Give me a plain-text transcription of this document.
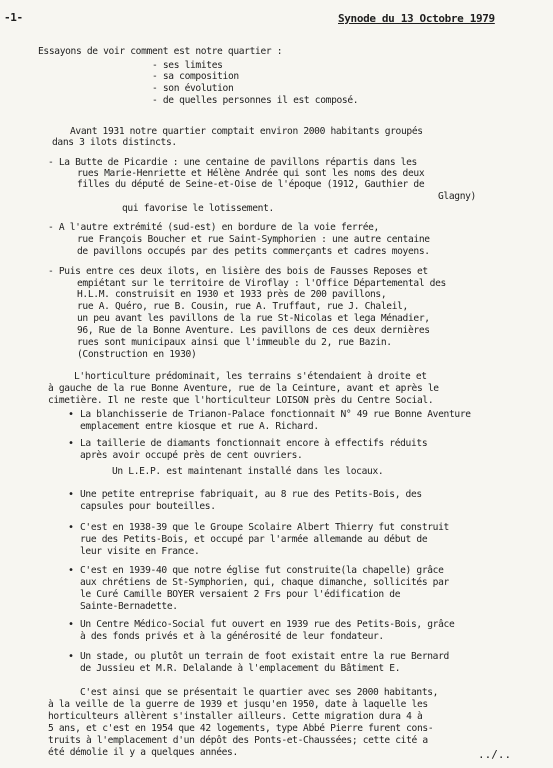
-1-	Synode du 13 Octobre 1979
Essayons de voir comment est notre quartier :
- ses limites
- sa composition
- son évolution
- de quelles personnes il est composé.
Avant 1931 notre quartier comptait environ 2000 habitants groupés
dans 3 ilots distincts.
- La Butte de Picardie : une centaine de pavillons répartis dans les
rues Marie-Henriette et Hélène Andrée qui sont les noms des deux
filles du député de Seine-et-Oise de l'époque (1912, Gauthier de
Glagny)
qui favorise le lotissement.
- A l'autre extrémité (sud-est) en bordure de la voie ferrée,
rue François Boucher et rue Saint-Symphorien : une autre centaine
de pavillons occupés par des petits commerçants et cadres moyens.
- Puis entre ces deux ilots, en lisière des bois de Fausses Reposes et
empiétant sur le territoire de Viroflay : l'Office Départemental des
H.L.M. construisit en 1930 et 1933 près de 200 pavillons,
rue A. Quéro, rue B. Cousin, rue A. Truffaut, rue J. Chaleil,
un peu avant les pavillons de la rue St-Nicolas et lega Ménadier,
96, Rue de la Bonne Aventure. Les pavillons de ces deux dernières
rues sont municipaux ainsi que l'immeuble du 2, rue Bazin.
(Construction en 1930)
L'horticulture prédominait, les terrains s'étendaient à droite et
à gauche de la rue Bonne Aventure, rue de la Ceinture, avant et après le
cimetière. Il ne reste que l'horticulteur LOISON près du Centre Social.
• La blanchisserie de Trianon-Palace fonctionnait N° 49 rue Bonne Aventure
emplacement entre kiosque et rue A. Richard.
• La taillerie de diamants fonctionnait encore à effectifs réduits
après avoir occupé près de cent ouvriers.
Un L.E.P. est maintenant installé dans les locaux.
• Une petite entreprise fabriquait, au 8 rue des Petits-Bois, des
capsules pour bouteilles.
• C'est en 1938-39 que le Groupe Scolaire Albert Thierry fut construit
rue des Petits-Bois, et occupé par l'armée allemande au début de
leur visite en France.
• C'est en 1939-40 que notre église fut construite(la chapelle) grâce
aux chrétiens de St-Symphorien, qui, chaque dimanche, sollicités par
le Curé Camille BOYER versaient 2 Frs pour l'édification de
Sainte-Bernadette.
• Un Centre Médico-Social fut ouvert en 1939 rue des Petits-Bois, grâce
à des fonds privés et à la générosité de leur fondateur.
• Un stade, ou plutôt un terrain de foot existait entre la rue Bernard
de Jussieu et M.R. Delalande à l'emplacement du Bâtiment E.
C'est ainsi que se présentait le quartier avec ses 2000 habitants,
à la veille de la guerre de 1939 et jusqu'en 1950, date à laquelle les
horticulteurs allèrent s'installer ailleurs. Cette migration dura 4 à
5 ans, et c'est en 1954 que 42 logements, type Abbé Pierre furent cons-
truits à l'emplacement d'un dépôt des Ponts-et-Chaussées; cette cité a
été démolie il y a quelques années.	../..
